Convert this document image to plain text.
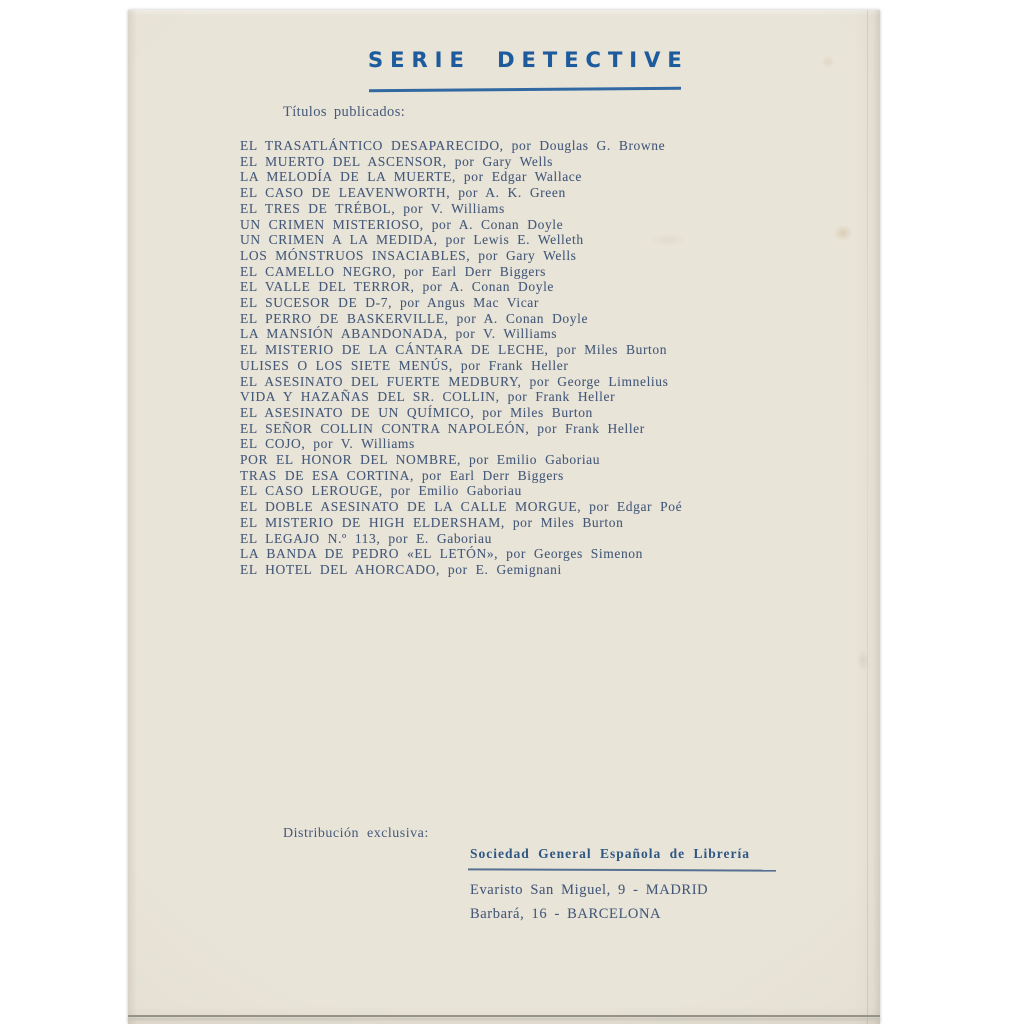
SERIE DETECTIVE
Títulos publicados:
EL TRASATLÁNTICO DESAPARECIDO, por Douglas G. Browne
EL MUERTO DEL ASCENSOR, por Gary Wells
LA MELODÍA DE LA MUERTE, por Edgar Wallace
EL CASO DE LEAVENWORTH, por A. K. Green
EL TRES DE TRÉBOL, por V. Williams
UN CRIMEN MISTERIOSO, por A. Conan Doyle
UN CRIMEN A LA MEDIDA, por Lewis E. Welleth
LOS MÓNSTRUOS INSACIABLES, por Gary Wells
EL CAMELLO NEGRO, por Earl Derr Biggers
EL VALLE DEL TERROR, por A. Conan Doyle
EL SUCESOR DE D-7, por Angus Mac Vicar
EL PERRO DE BASKERVILLE, por A. Conan Doyle
LA MANSIÓN ABANDONADA, por V. Williams
EL MISTERIO DE LA CÁNTARA DE LECHE, por Miles Burton
ULISES O LOS SIETE MENÚS, por Frank Heller
EL ASESINATO DEL FUERTE MEDBURY, por George Limnelius
VIDA Y HAZAÑAS DEL SR. COLLIN, por Frank Heller
EL ASESINATO DE UN QUÍMICO, por Miles Burton
EL SEÑOR COLLIN CONTRA NAPOLEÓN, por Frank Heller
EL COJO, por V. Williams
POR EL HONOR DEL NOMBRE, por Emilio Gaboriau
TRAS DE ESA CORTINA, por Earl Derr Biggers
EL CASO LEROUGE, por Emilio Gaboriau
EL DOBLE ASESINATO DE LA CALLE MORGUE, por Edgar Poé
EL MISTERIO DE HIGH ELDERSHAM, por Miles Burton
EL LEGAJO N.º 113, por E. Gaboriau
LA BANDA DE PEDRO «EL LETÓN», por Georges Simenon
EL HOTEL DEL AHORCADO, por E. Gemignani
Distribución exclusiva:
Sociedad General Española de Librería
Evaristo San Miguel, 9 - MADRID
Barbará, 16 - BARCELONA
